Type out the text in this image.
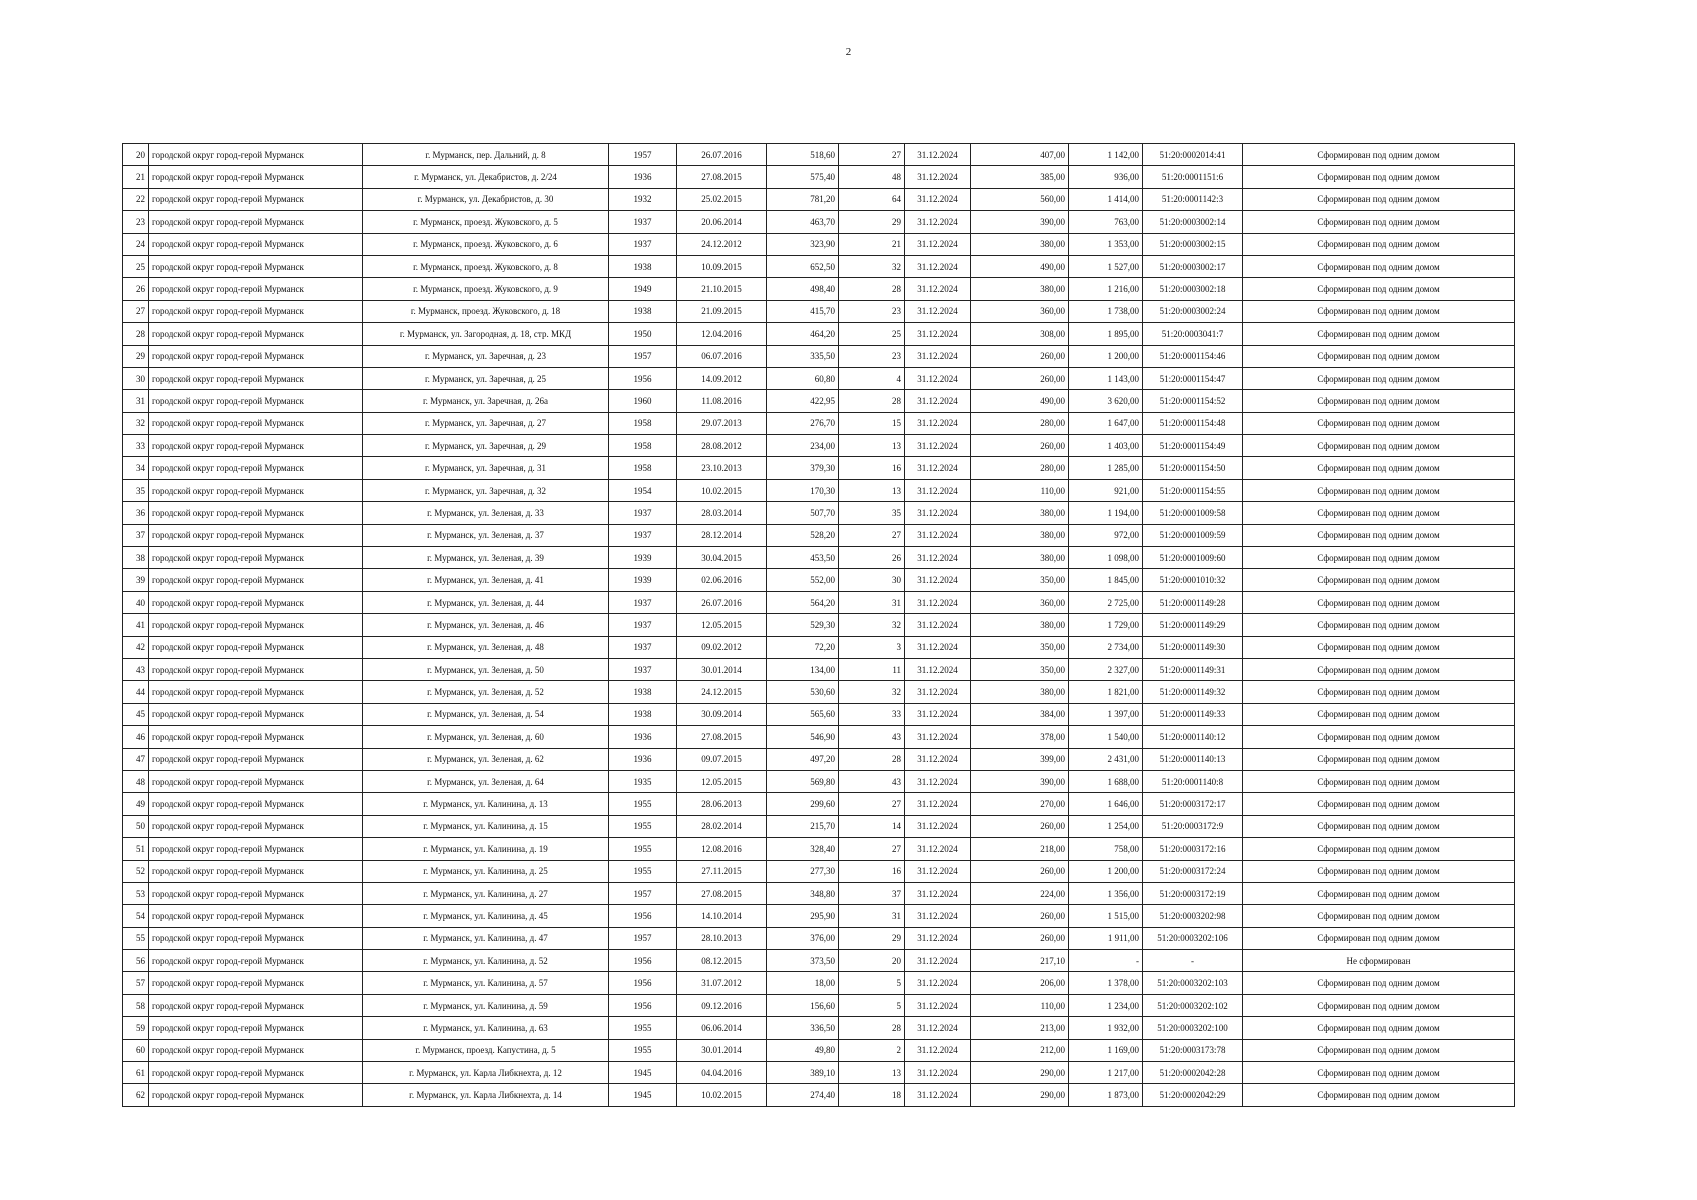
2
20	городской округ город-герой Мурманск	г. Мурманск, пер. Дальний, д. 8	1957	26.07.2016	518,60	27	31.12.2024	407,00	1 142,00	51:20:0002014:41	Сформирован под одним домом
21	городской округ город-герой Мурманск	г. Мурманск, ул. Декабристов, д. 2/24	1936	27.08.2015	575,40	48	31.12.2024	385,00	936,00	51:20:0001151:6	Сформирован под одним домом
22	городской округ город-герой Мурманск	г. Мурманск, ул. Декабристов, д. 30	1932	25.02.2015	781,20	64	31.12.2024	560,00	1 414,00	51:20:0001142:3	Сформирован под одним домом
23	городской округ город-герой Мурманск	г. Мурманск, проезд. Жуковского, д. 5	1937	20.06.2014	463,70	29	31.12.2024	390,00	763,00	51:20:0003002:14	Сформирован под одним домом
24	городской округ город-герой Мурманск	г. Мурманск, проезд. Жуковского, д. 6	1937	24.12.2012	323,90	21	31.12.2024	380,00	1 353,00	51:20:0003002:15	Сформирован под одним домом
25	городской округ город-герой Мурманск	г. Мурманск, проезд. Жуковского, д. 8	1938	10.09.2015	652,50	32	31.12.2024	490,00	1 527,00	51:20:0003002:17	Сформирован под одним домом
26	городской округ город-герой Мурманск	г. Мурманск, проезд. Жуковского, д. 9	1949	21.10.2015	498,40	28	31.12.2024	380,00	1 216,00	51:20:0003002:18	Сформирован под одним домом
27	городской округ город-герой Мурманск	г. Мурманск, проезд. Жуковского, д. 18	1938	21.09.2015	415,70	23	31.12.2024	360,00	1 738,00	51:20:0003002:24	Сформирован под одним домом
28	городской округ город-герой Мурманск	г. Мурманск, ул. Загородная, д. 18, стр. МКД	1950	12.04.2016	464,20	25	31.12.2024	308,00	1 895,00	51:20:0003041:7	Сформирован под одним домом
29	городской округ город-герой Мурманск	г. Мурманск, ул. Заречная, д. 23	1957	06.07.2016	335,50	23	31.12.2024	260,00	1 200,00	51:20:0001154:46	Сформирован под одним домом
30	городской округ город-герой Мурманск	г. Мурманск, ул. Заречная, д. 25	1956	14.09.2012	60,80	4	31.12.2024	260,00	1 143,00	51:20:0001154:47	Сформирован под одним домом
31	городской округ город-герой Мурманск	г. Мурманск, ул. Заречная, д. 26а	1960	11.08.2016	422,95	28	31.12.2024	490,00	3 620,00	51:20:0001154:52	Сформирован под одним домом
32	городской округ город-герой Мурманск	г. Мурманск, ул. Заречная, д. 27	1958	29.07.2013	276,70	15	31.12.2024	280,00	1 647,00	51:20:0001154:48	Сформирован под одним домом
33	городской округ город-герой Мурманск	г. Мурманск, ул. Заречная, д. 29	1958	28.08.2012	234,00	13	31.12.2024	260,00	1 403,00	51:20:0001154:49	Сформирован под одним домом
34	городской округ город-герой Мурманск	г. Мурманск, ул. Заречная, д. 31	1958	23.10.2013	379,30	16	31.12.2024	280,00	1 285,00	51:20:0001154:50	Сформирован под одним домом
35	городской округ город-герой Мурманск	г. Мурманск, ул. Заречная, д. 32	1954	10.02.2015	170,30	13	31.12.2024	110,00	921,00	51:20:0001154:55	Сформирован под одним домом
36	городской округ город-герой Мурманск	г. Мурманск, ул. Зеленая, д. 33	1937	28.03.2014	507,70	35	31.12.2024	380,00	1 194,00	51:20:0001009:58	Сформирован под одним домом
37	городской округ город-герой Мурманск	г. Мурманск, ул. Зеленая, д. 37	1937	28.12.2014	528,20	27	31.12.2024	380,00	972,00	51:20:0001009:59	Сформирован под одним домом
38	городской округ город-герой Мурманск	г. Мурманск, ул. Зеленая, д. 39	1939	30.04.2015	453,50	26	31.12.2024	380,00	1 098,00	51:20:0001009:60	Сформирован под одним домом
39	городской округ город-герой Мурманск	г. Мурманск, ул. Зеленая, д. 41	1939	02.06.2016	552,00	30	31.12.2024	350,00	1 845,00	51:20:0001010:32	Сформирован под одним домом
40	городской округ город-герой Мурманск	г. Мурманск, ул. Зеленая, д. 44	1937	26.07.2016	564,20	31	31.12.2024	360,00	2 725,00	51:20:0001149:28	Сформирован под одним домом
41	городской округ город-герой Мурманск	г. Мурманск, ул. Зеленая, д. 46	1937	12.05.2015	529,30	32	31.12.2024	380,00	1 729,00	51:20:0001149:29	Сформирован под одним домом
42	городской округ город-герой Мурманск	г. Мурманск, ул. Зеленая, д. 48	1937	09.02.2012	72,20	3	31.12.2024	350,00	2 734,00	51:20:0001149:30	Сформирован под одним домом
43	городской округ город-герой Мурманск	г. Мурманск, ул. Зеленая, д. 50	1937	30.01.2014	134,00	11	31.12.2024	350,00	2 327,00	51:20:0001149:31	Сформирован под одним домом
44	городской округ город-герой Мурманск	г. Мурманск, ул. Зеленая, д. 52	1938	24.12.2015	530,60	32	31.12.2024	380,00	1 821,00	51:20:0001149:32	Сформирован под одним домом
45	городской округ город-герой Мурманск	г. Мурманск, ул. Зеленая, д. 54	1938	30.09.2014	565,60	33	31.12.2024	384,00	1 397,00	51:20:0001149:33	Сформирован под одним домом
46	городской округ город-герой Мурманск	г. Мурманск, ул. Зеленая, д. 60	1936	27.08.2015	546,90	43	31.12.2024	378,00	1 540,00	51:20:0001140:12	Сформирован под одним домом
47	городской округ город-герой Мурманск	г. Мурманск, ул. Зеленая, д. 62	1936	09.07.2015	497,20	28	31.12.2024	399,00	2 431,00	51:20:0001140:13	Сформирован под одним домом
48	городской округ город-герой Мурманск	г. Мурманск, ул. Зеленая, д. 64	1935	12.05.2015	569,80	43	31.12.2024	390,00	1 688,00	51:20:0001140:8	Сформирован под одним домом
49	городской округ город-герой Мурманск	г. Мурманск, ул. Калинина, д. 13	1955	28.06.2013	299,60	27	31.12.2024	270,00	1 646,00	51:20:0003172:17	Сформирован под одним домом
50	городской округ город-герой Мурманск	г. Мурманск, ул. Калинина, д. 15	1955	28.02.2014	215,70	14	31.12.2024	260,00	1 254,00	51:20:0003172:9	Сформирован под одним домом
51	городской округ город-герой Мурманск	г. Мурманск, ул. Калинина, д. 19	1955	12.08.2016	328,40	27	31.12.2024	218,00	758,00	51:20:0003172:16	Сформирован под одним домом
52	городской округ город-герой Мурманск	г. Мурманск, ул. Калинина, д. 25	1955	27.11.2015	277,30	16	31.12.2024	260,00	1 200,00	51:20:0003172:24	Сформирован под одним домом
53	городской округ город-герой Мурманск	г. Мурманск, ул. Калинина, д. 27	1957	27.08.2015	348,80	37	31.12.2024	224,00	1 356,00	51:20:0003172:19	Сформирован под одним домом
54	городской округ город-герой Мурманск	г. Мурманск, ул. Калинина, д. 45	1956	14.10.2014	295,90	31	31.12.2024	260,00	1 515,00	51:20:0003202:98	Сформирован под одним домом
55	городской округ город-герой Мурманск	г. Мурманск, ул. Калинина, д. 47	1957	28.10.2013	376,00	29	31.12.2024	260,00	1 911,00	51:20:0003202:106	Сформирован под одним домом
56	городской округ город-герой Мурманск	г. Мурманск, ул. Калинина, д. 52	1956	08.12.2015	373,50	20	31.12.2024	217,10	-	-	Не сформирован
57	городской округ город-герой Мурманск	г. Мурманск, ул. Калинина, д. 57	1956	31.07.2012	18,00	5	31.12.2024	206,00	1 378,00	51:20:0003202:103	Сформирован под одним домом
58	городской округ город-герой Мурманск	г. Мурманск, ул. Калинина, д. 59	1956	09.12.2016	156,60	5	31.12.2024	110,00	1 234,00	51:20:0003202:102	Сформирован под одним домом
59	городской округ город-герой Мурманск	г. Мурманск, ул. Калинина, д. 63	1955	06.06.2014	336,50	28	31.12.2024	213,00	1 932,00	51:20:0003202:100	Сформирован под одним домом
60	городской округ город-герой Мурманск	г. Мурманск, проезд. Капустина, д. 5	1955	30.01.2014	49,80	2	31.12.2024	212,00	1 169,00	51:20:0003173:78	Сформирован под одним домом
61	городской округ город-герой Мурманск	г. Мурманск, ул. Карла Либкнехта, д. 12	1945	04.04.2016	389,10	13	31.12.2024	290,00	1 217,00	51:20:0002042:28	Сформирован под одним домом
62	городской округ город-герой Мурманск	г. Мурманск, ул. Карла Либкнехта, д. 14	1945	10.02.2015	274,40	18	31.12.2024	290,00	1 873,00	51:20:0002042:29	Сформирован под одним домом
